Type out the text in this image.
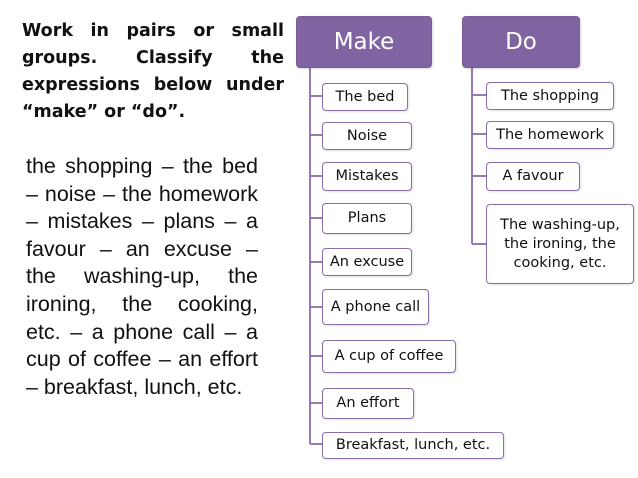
Work in pairs or small groups. Classify the expressions below under “make” or “do”.
the shopping – the bed – noise – the homework – mistakes – plans – a favour – an excuse – the washing-up, the ironing, the cooking, etc. – a phone call – a cup of coffee – an effort – breakfast, lunch, etc.
Make	Do
The bed
Noise
Mistakes
Plans
An excuse
A phone call
A cup of coffee
An effort
Breakfast, lunch, etc.
The shopping
The homework
A favour
The washing-up, the ironing, the cooking, etc.
